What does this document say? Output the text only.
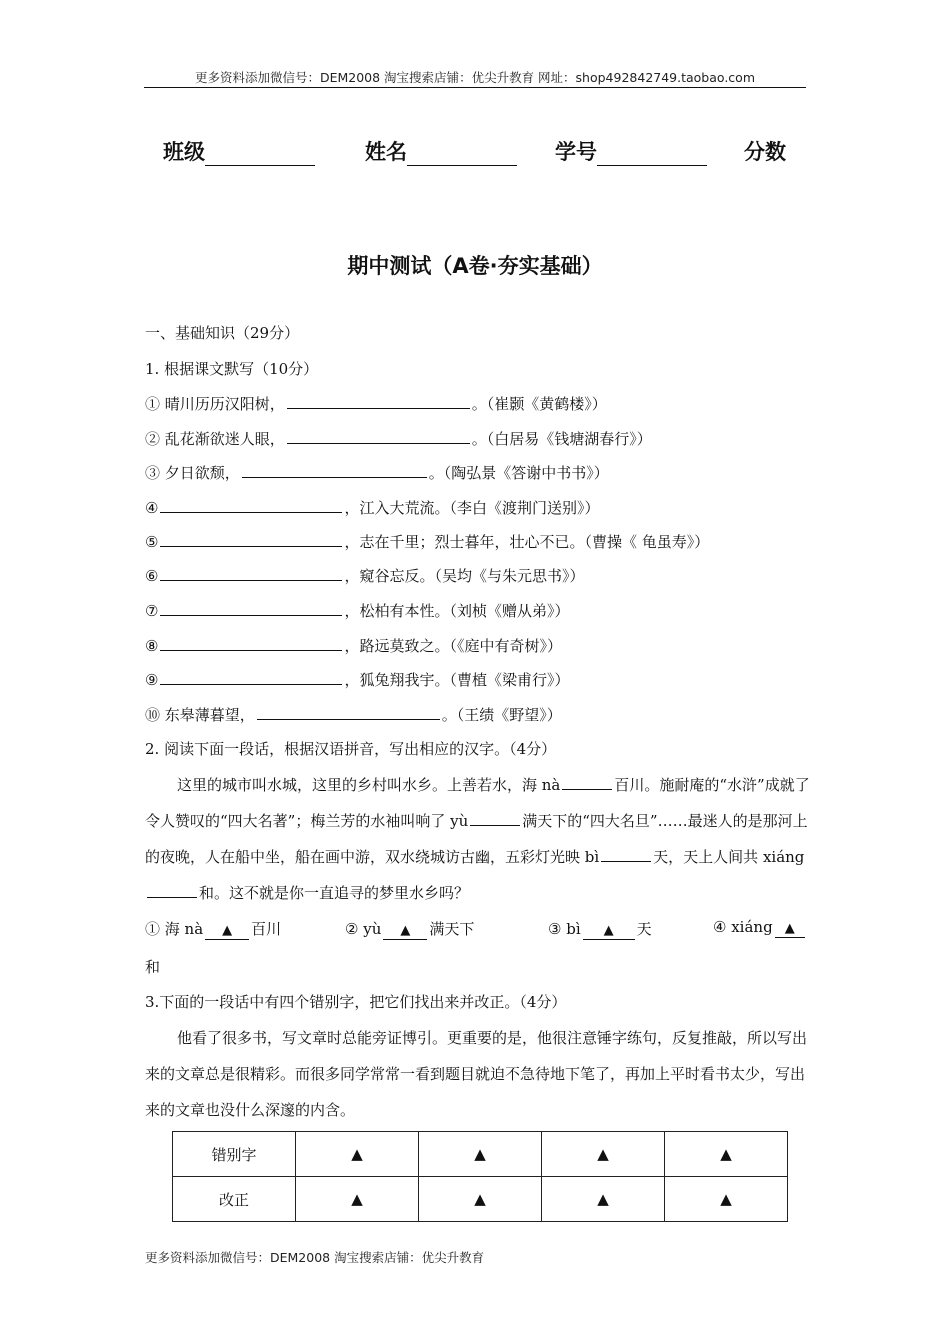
更多资料添加微信号：DEM2008 淘宝搜索店铺：优尖升教育 网址：shop492842749.taobao.com
班级	姓名	学号	分数
期中测试（A卷·夯实基础）
一、基础知识（29分）
1. 根据课文默写（10分）
① 晴川历历汉阳树，	。（崔颢《黄鹤楼》）
② 乱花渐欲迷人眼，	。（白居易《钱塘湖春行》）
③ 夕日欲颓，	。（陶弘景《答谢中书书》）
④	，江入大荒流。（李白《渡荆门送别》）
⑤	，志在千里；烈士暮年，壮心不已。（曹操《 龟虽寿》）
⑥	，窥谷忘反。（吴均《与朱元思书》）
⑦	，松柏有本性。（刘桢《赠从弟》）
⑧	，路远莫致之。（《庭中有奇树》）
⑨	，狐兔翔我宇。（曹植《梁甫行》）
⑩ 东皋薄暮望，	。（王绩《野望》）
2. 阅读下面一段话，根据汉语拼音，写出相应的汉字。（4分）
这里的城市叫水城，这里的乡村叫水乡。上善若水，海 nà	百川。施耐庵的“水浒”成就了令人赞叹的“四大名著”；梅兰芳的水袖叫响了 yù	满天下的“四大名旦”……最迷人的是那河上的夜晚，人在船中坐，船在画中游，双水绕城访古幽，五彩灯光映 bì	天，天上人间共 xiáng和。这不就是你一直追寻的梦里水乡吗？
① 海 nà ▲ 百川	② yù ▲ 满天下	③ bì ▲ 天	④ xiáng ▲
和
3.下面的一段话中有四个错别字，把它们找出来并改正。（4分）
他看了很多书，写文章时总能旁证博引。更重要的是，他很注意锤字练句，反复推敲，所以写出来的文章总是很精彩。而很多同学常常一看到题目就迫不急待地下笔了，再加上平时看书太少，写出来的文章也没什么深邃的内含。
错别字	▲	▲	▲	▲
改正	▲	▲	▲	▲
更多资料添加微信号：DEM2008 淘宝搜索店铺：优尖升教育
